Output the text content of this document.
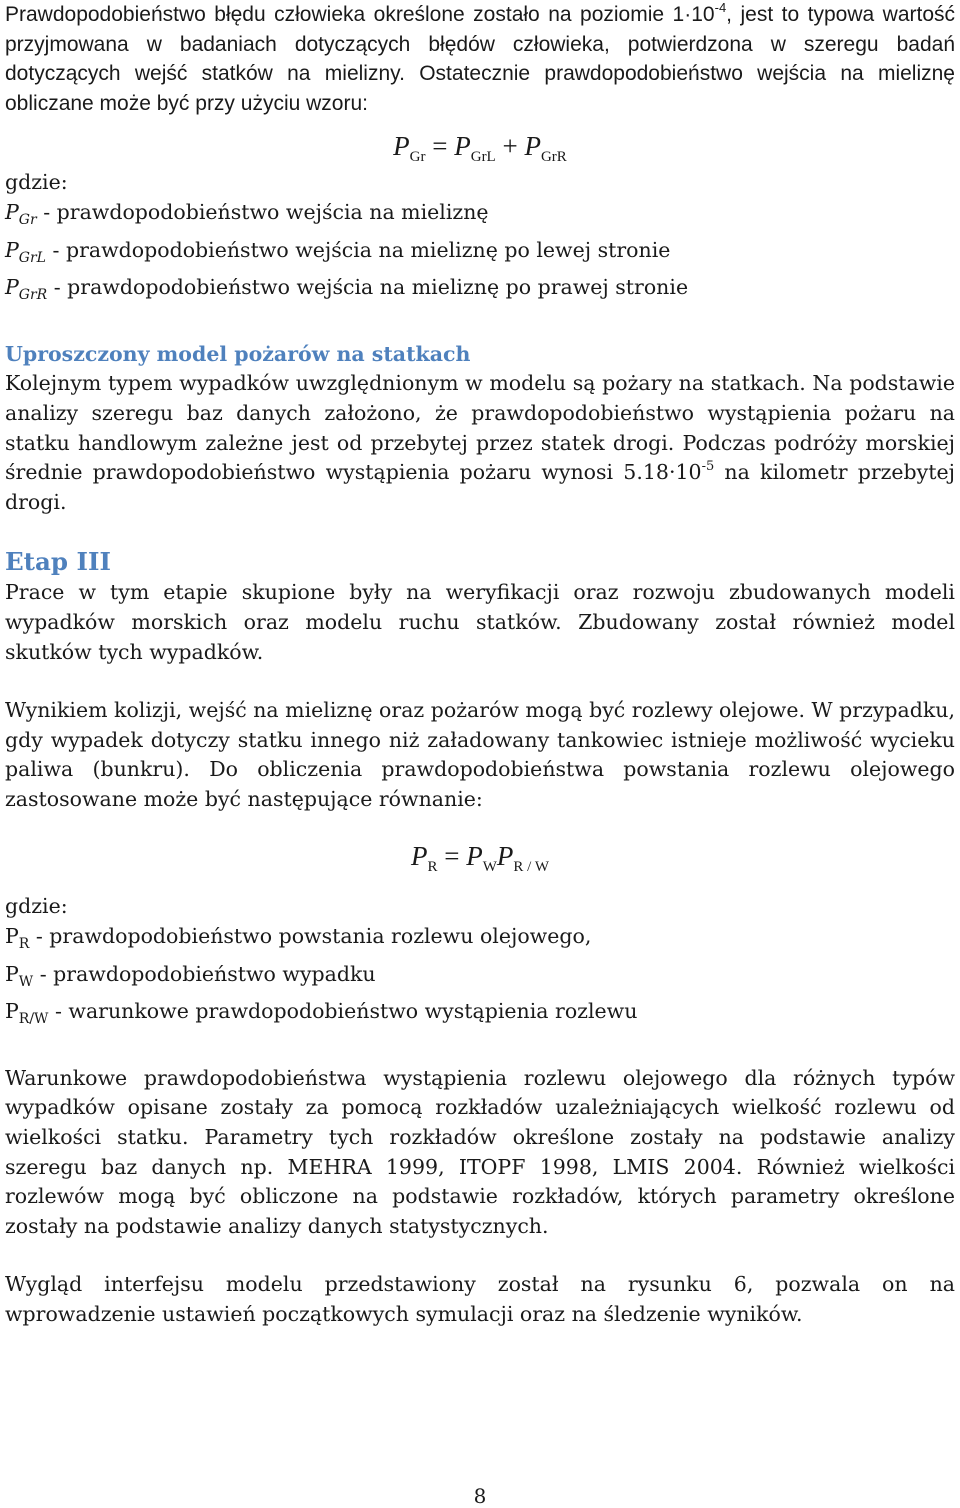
Prawdopodobieństwo błędu człowieka określone zostało na poziomie $1\cdot 10^{-4}$, jest to typowa wartość przyjmowana w badaniach dotyczących błędów człowieka, potwierdzona w szeregu badań dotyczących wejść statków na mielizny. Ostatecznie prawdopodobieństwo wejścia na mieliznę obliczane może być przy użyciu wzoru:

$P_{Gr} = P_{GrL} + P_{GrR}$

gdzie:

$P_{Gr}$ - prawdopodobieństwo wejścia na mieliznę

$P_{GrL}$ - prawdopodobieństwo wejścia na mieliznę po lewej stronie

$P_{GrR}$ - prawdopodobieństwo wejścia na mieliznę po prawej stronie

Uproszczony model pożarów na statkach

Kolejnym typem wypadków uwzględnionym w modelu są pożary na statkach. Na podstawie analizy szeregu baz danych założono, że prawdopodobieństwo wystąpienia pożaru na statku handlowym zależne jest od przebytej przez statek drogi. Podczas podróży morskiej średnie prawdopodobieństwo wystąpienia pożaru wynosi $5.18\cdot 10^{-5}$ na kilometr przebytej drogi.

Etap III

Prace w tym etapie skupione były na weryfikacji oraz rozwoju zbudowanych modeli wypadków morskich oraz modelu ruchu statków. Zbudowany został również model skutków tych wypadków.

Wynikiem kolizji, wejść na mieliznę oraz pożarów mogą być rozlewy olejowe. W przypadku, gdy wypadek dotyczy statku innego niż załadowany tankowiec istnieje możliwość wycieku paliwa (bunkru). Do obliczenia prawdopodobieństwa powstania rozlewu olejowego zastosowane może być następujące równanie:

$P_R = P_WP_{R / W}$

gdzie:

$P_R$ - prawdopodobieństwo powstania rozlewu olejowego,

$P_W$ - prawdopodobieństwo wypadku

$P_{R/W}$ - warunkowe prawdopodobieństwo wystąpienia rozlewu

Warunkowe prawdopodobieństwa wystąpienia rozlewu olejowego dla różnych typów wypadków opisane zostały za pomocą rozkładów uzależniających wielkość rozlewu od wielkości statku. Parametry tych rozkładów określone zostały na podstawie analizy szeregu baz danych np. MEHRA 1999, ITOPF 1998, LMIS 2004. Również wielkości rozlewów mogą być obliczone na podstawie rozkładów, których parametry określone zostały na podstawie analizy danych statystycznych.

Wygląd interfejsu modelu przedstawiony został na rysunku 6, pozwala on na wprowadzenie ustawień początkowych symulacji oraz na śledzenie wyników.

8
